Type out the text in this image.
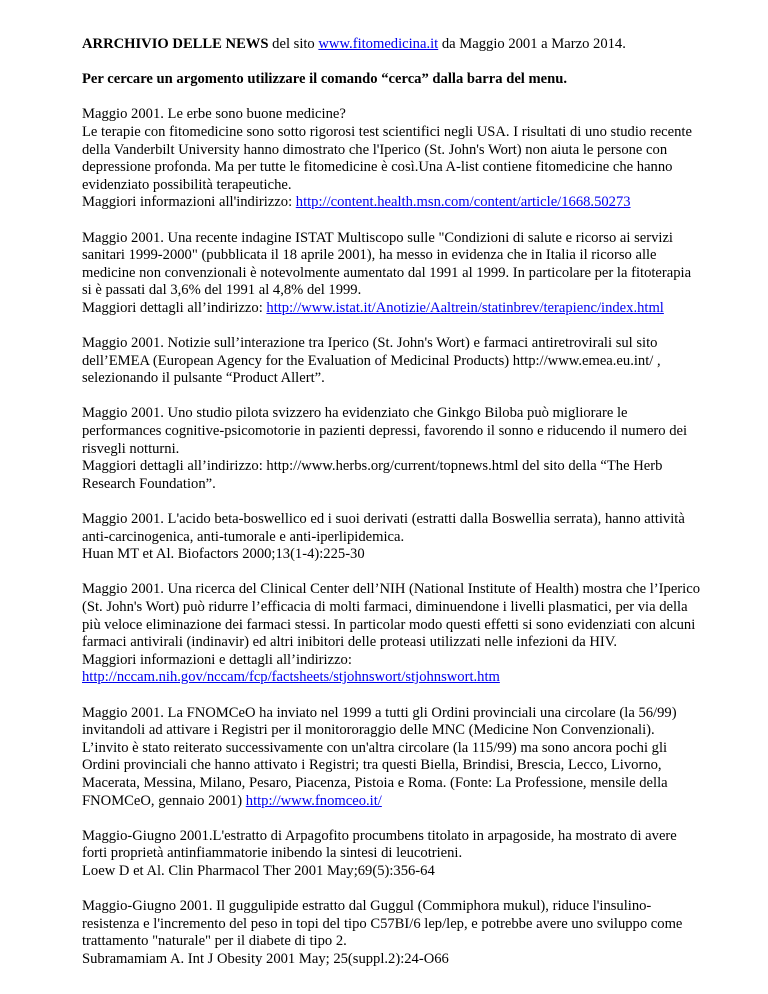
ARRCHIVIO DELLE NEWS del sito www.fitomedicina.it da Maggio 2001 a Marzo 2014.

Per cercare un argomento utilizzare il comando “cerca” dalla barra del menu.

Maggio 2001. Le erbe sono buone medicine?
Le terapie con fitomedicine sono sotto rigorosi test scientifici negli USA. I risultati di uno studio recente
della Vanderbilt University hanno dimostrato che l'Iperico (St. John's Wort) non aiuta le persone con
depressione profonda. Ma per tutte le fitomedicine è così.Una A-list contiene fitomedicine che hanno
evidenziato possibilità terapeutiche.
Maggiori informazioni all'indirizzo: http://content.health.msn.com/content/article/1668.50273
Maggio 2001. Una recente indagine ISTAT Multiscopo sulle "Condizioni di salute e ricorso ai servizi
sanitari 1999-2000" (pubblicata il 18 aprile 2001), ha messo in evidenza che in Italia il ricorso alle
medicine non convenzionali è notevolmente aumentato dal 1991 al 1999. In particolare per la fitoterapia
si è passati dal 3,6% del 1991 al 4,8% del 1999.
Maggiori dettagli all’indirizzo: http://www.istat.it/Anotizie/Aaltrein/statinbrev/terapienc/index.html
Maggio 2001. Notizie sull’interazione tra Iperico (St. John's Wort) e farmaci antiretrovirali sul sito
dell’EMEA (European Agency for the Evaluation of Medicinal Products) http://www.emea.eu.int/ ,
selezionando il pulsante “Product Allert”.
Maggio 2001. Uno studio pilota svizzero ha evidenziato che Ginkgo Biloba può migliorare le
performances cognitive-psicomotorie in pazienti depressi, favorendo il sonno e riducendo il numero dei
risvegli notturni.
Maggiori dettagli all’indirizzo: http://www.herbs.org/current/topnews.html del sito della “The Herb
Research Foundation”.
Maggio 2001. L'acido beta-boswellico ed i suoi derivati (estratti dalla Boswellia serrata), hanno attività
anti-carcinogenica, anti-tumorale e anti-iperlipidemica.
Huan MT et Al. Biofactors 2000;13(1-4):225-30
Maggio 2001. Una ricerca del Clinical Center dell’NIH (National Institute of Health) mostra che l’Iperico
(St. John's Wort) può ridurre l’efficacia di molti farmaci, diminuendone i livelli plasmatici, per via della
più veloce eliminazione dei farmaci stessi. In particolar modo questi effetti si sono evidenziati con alcuni
farmaci antivirali (indinavir) ed altri inibitori delle proteasi utilizzati nelle infezioni da HIV.
Maggiori informazioni e dettagli all’indirizzo:
http://nccam.nih.gov/nccam/fcp/factsheets/stjohnswort/stjohnswort.htm
Maggio 2001. La FNOMCeO ha inviato nel 1999 a tutti gli Ordini provinciali una circolare (la 56/99)
invitandoli ad attivare i Registri per il monitororaggio delle MNC (Medicine Non Convenzionali).
L’invito è stato reiterato successivamente con un'altra circolare (la 115/99) ma sono ancora pochi gli
Ordini provinciali che hanno attivato i Registri; tra questi Biella, Brindisi, Brescia, Lecco, Livorno,
Macerata, Messina, Milano, Pesaro, Piacenza, Pistoia e Roma. (Fonte: La Professione, mensile della
FNOMCeO, gennaio 2001) http://www.fnomceo.it/
Maggio-Giugno 2001.L'estratto di Arpagofito procumbens titolato in arpagoside, ha mostrato di avere
forti proprietà antinfiammatorie inibendo la sintesi di leucotrieni.
Loew D et Al. Clin Pharmacol Ther 2001 May;69(5):356-64
Maggio-Giugno 2001. Il guggulipide estratto dal Guggul (Commiphora mukul), riduce l'insulino-
resistenza e l'incremento del peso in topi del tipo C57BI/6 lep/lep, e potrebbe avere uno sviluppo come
trattamento "naturale" per il diabete di tipo 2.
Subramamiam A. Int J Obesity 2001 May; 25(suppl.2):24-O66
